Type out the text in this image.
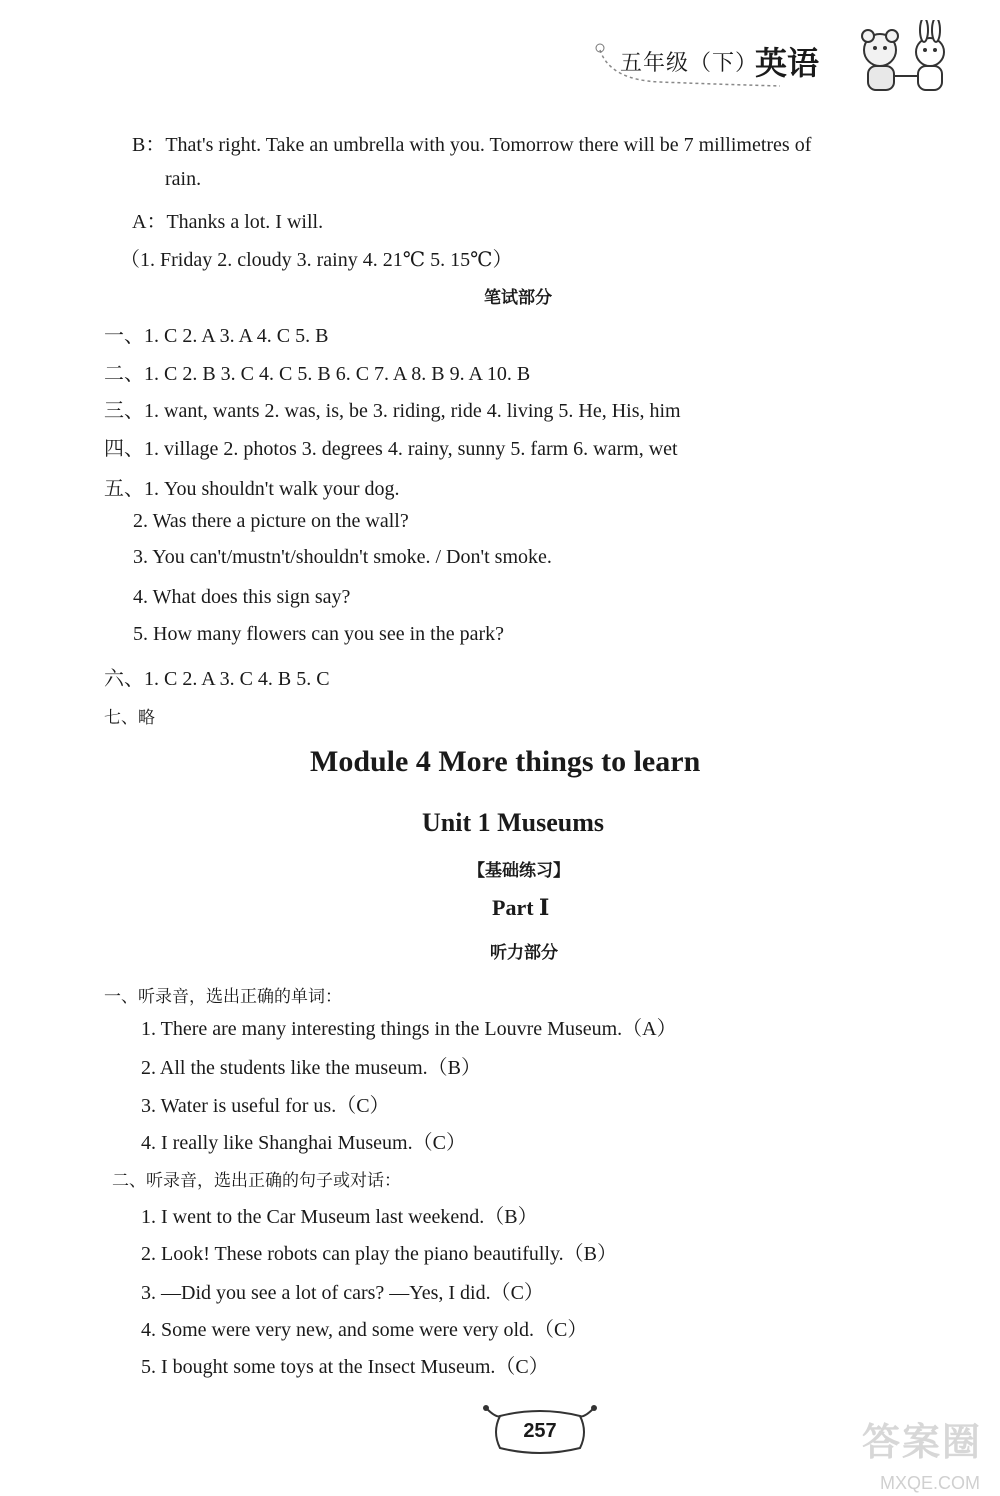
五年级（下）
英语
B：That's right. Take an umbrella with you. Tomorrow there will be 7 millimetres of
rain.
A：Thanks a lot. I will.
（1. Friday 2. cloudy 3. rainy 4. 21℃ 5. 15℃）
笔试部分
一、1. C 2. A 3. A 4. C 5. B
二、1. C 2. B 3. C 4. C 5. B 6. C 7. A 8. B 9. A 10. B
三、1. want, wants 2. was, is, be 3. riding, ride 4. living 5. He, His, him
四、1. village 2. photos 3. degrees 4. rainy, sunny 5. farm 6. warm, wet
五、1. You shouldn't walk your dog.
2. Was there a picture on the wall?
3. You can't/mustn't/shouldn't smoke. / Don't smoke.
4. What does this sign say?
5. How many flowers can you see in the park?
六、1. C 2. A 3. C 4. B 5. C
七、略
Module 4 More things to learn
Unit 1 Museums
【基础练习】
Part Ⅰ
听力部分
一、听录音，选出正确的单词：
1. There are many interesting things in the Louvre Museum.（A）
2. All the students like the museum.（B）
3. Water is useful for us.（C）
4. I really like Shanghai Museum.（C）
二、听录音，选出正确的句子或对话：
1. I went to the Car Museum last weekend.（B）
2. Look! These robots can play the piano beautifully.（B）
3. —Did you see a lot of cars? —Yes, I did.（C）
4. Some were very new, and some were very old.（C）
5. I bought some toys at the Insect Museum.（C）
257	答案圈
MXQE.COM
